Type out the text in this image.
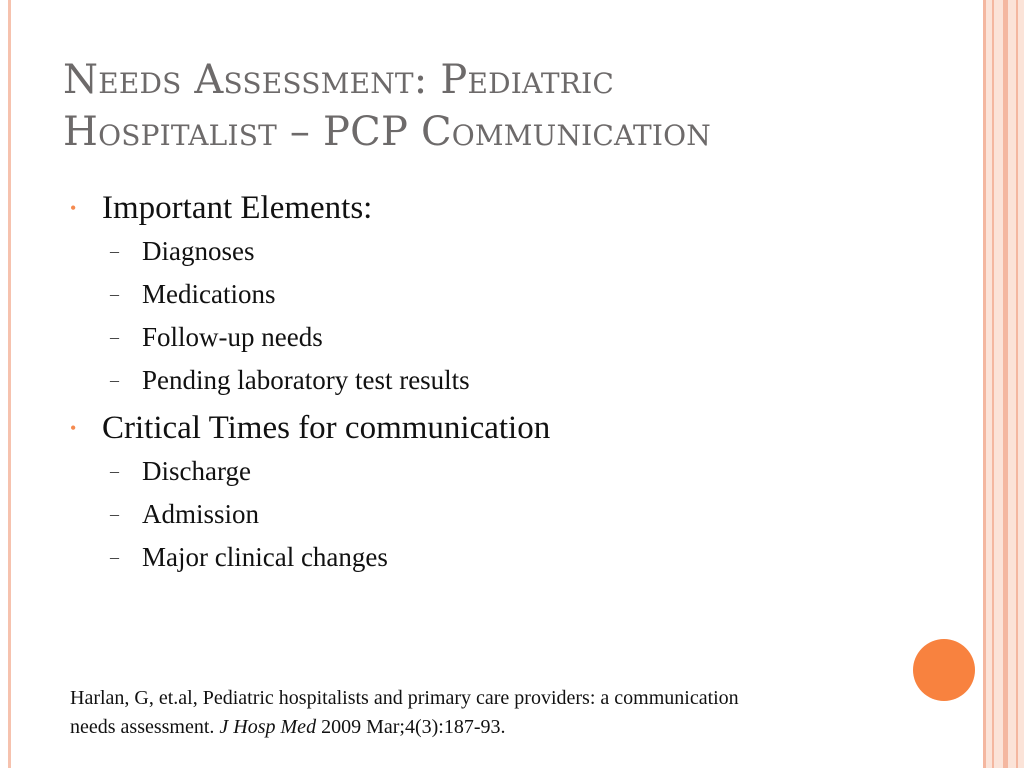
Needs Assessment: Pediatric
Hospitalist – PCP Communication
• Important Elements:
– Diagnoses
– Medications
– Follow-up needs
– Pending laboratory test results
• Critical Times for communication
– Discharge
– Admission
– Major clinical changes
Harlan, G, et.al, Pediatric hospitalists and primary care providers: a communication
needs assessment. J Hosp Med 2009 Mar;4(3):187-93.
